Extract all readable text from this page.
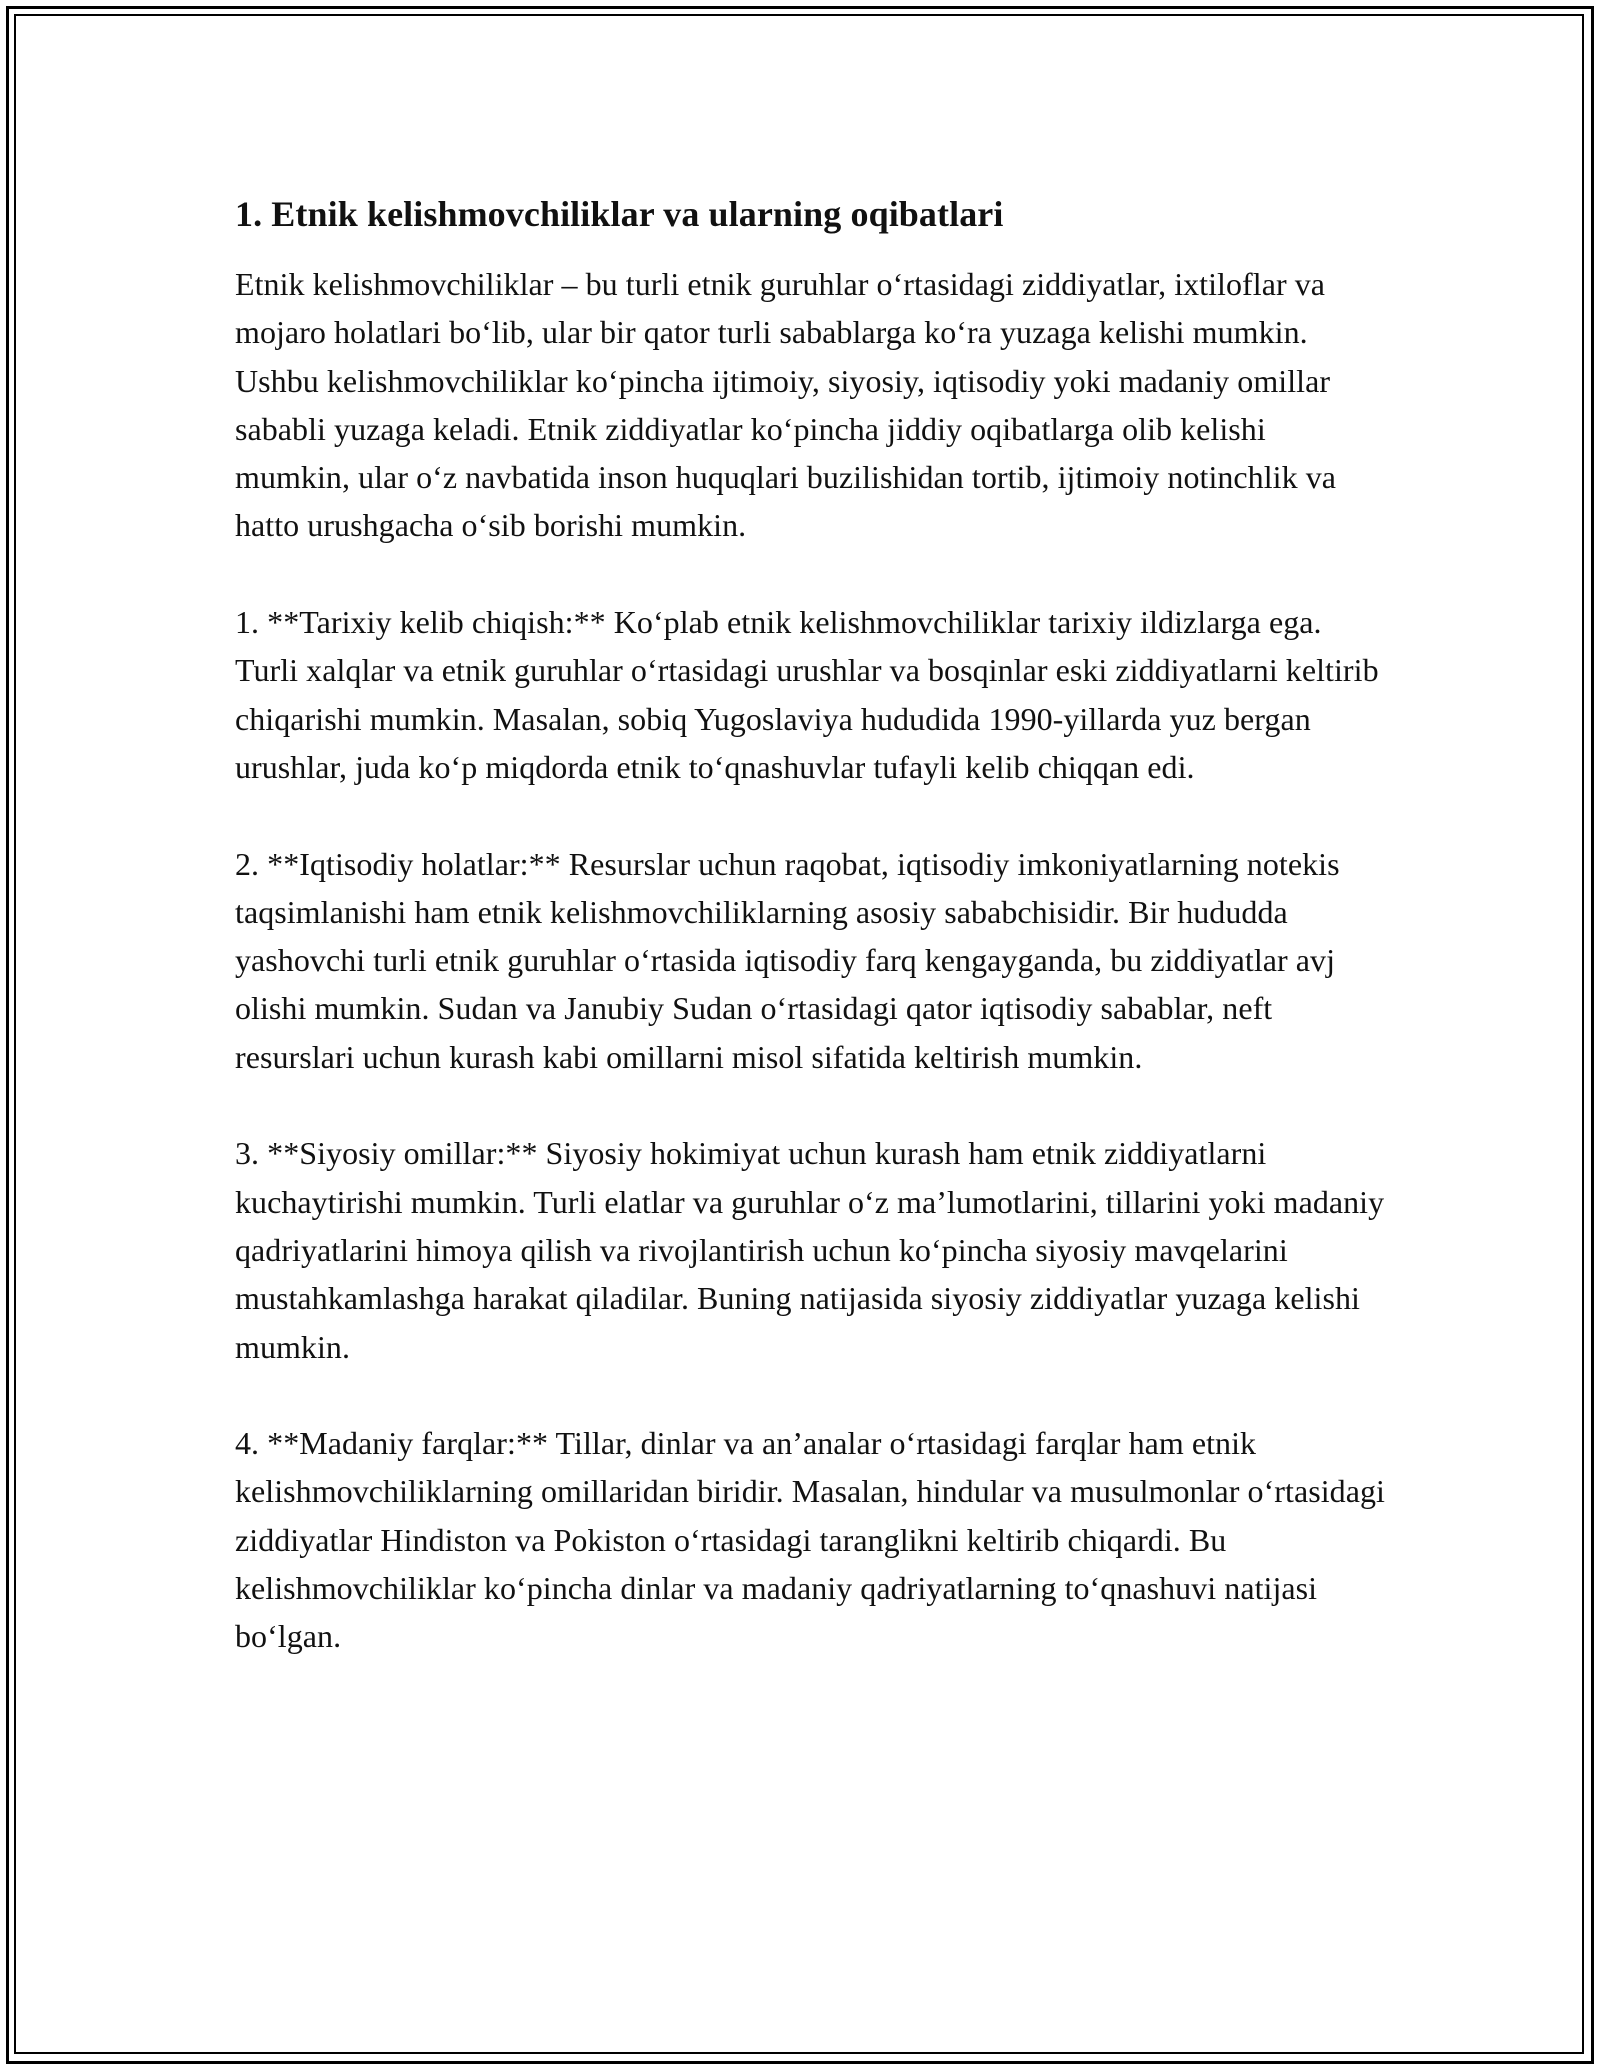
1. Etnik kelishmovchiliklar va ularning oqibatlari

Etnik kelishmovchiliklar – bu turli etnik guruhlar o‘rtasidagi ziddiyatlar, ixtiloflar va mojaro holatlari bo‘lib, ular bir qator turli sabablarga ko‘ra yuzaga kelishi mumkin. Ushbu kelishmovchiliklar ko‘pincha ijtimoiy, siyosiy, iqtisodiy yoki madaniy omillar sababli yuzaga keladi. Etnik ziddiyatlar ko‘pincha jiddiy oqibatlarga olib kelishi mumkin, ular o‘z navbatida inson huquqlari buzilishidan tortib, ijtimoiy notinchlik va hatto urushgacha o‘sib borishi mumkin.

1. **Tarixiy kelib chiqish:** Ko‘plab etnik kelishmovchiliklar tarixiy ildizlarga ega. Turli xalqlar va etnik guruhlar o‘rtasidagi urushlar va bosqinlar eski ziddiyatlarni keltirib chiqarishi mumkin. Masalan, sobiq Yugoslaviya hududida 1990-yillarda yuz bergan urushlar, juda ko‘p miqdorda etnik to‘qnashuvlar tufayli kelib chiqqan edi.

2. **Iqtisodiy holatlar:** Resurslar uchun raqobat, iqtisodiy imkoniyatlarning notekis taqsimlanishi ham etnik kelishmovchiliklarning asosiy sababchisidir. Bir hududda yashovchi turli etnik guruhlar o‘rtasida iqtisodiy farq kengayganda, bu ziddiyatlar avj olishi mumkin. Sudan va Janubiy Sudan o‘rtasidagi qator iqtisodiy sabablar, neft resurslari uchun kurash kabi omillarni misol sifatida keltirish mumkin.

3. **Siyosiy omillar:** Siyosiy hokimiyat uchun kurash ham etnik ziddiyatlarni kuchaytirishi mumkin. Turli elatlar va guruhlar o‘z ma’lumotlarini, tillarini yoki madaniy qadriyatlarini himoya qilish va rivojlantirish uchun ko‘pincha siyosiy mavqelarini mustahkamlashga harakat qiladilar. Buning natijasida siyosiy ziddiyatlar yuzaga kelishi mumkin.

4. **Madaniy farqlar:** Tillar, dinlar va an’analar o‘rtasidagi farqlar ham etnik kelishmovchiliklarning omillaridan biridir. Masalan, hindular va musulmonlar o‘rtasidagi ziddiyatlar Hindiston va Pokiston o‘rtasidagi taranglikni keltirib chiqardi. Bu kelishmovchiliklar ko‘pincha dinlar va madaniy qadriyatlarning to‘qnashuvi natijasi bo‘lgan.
